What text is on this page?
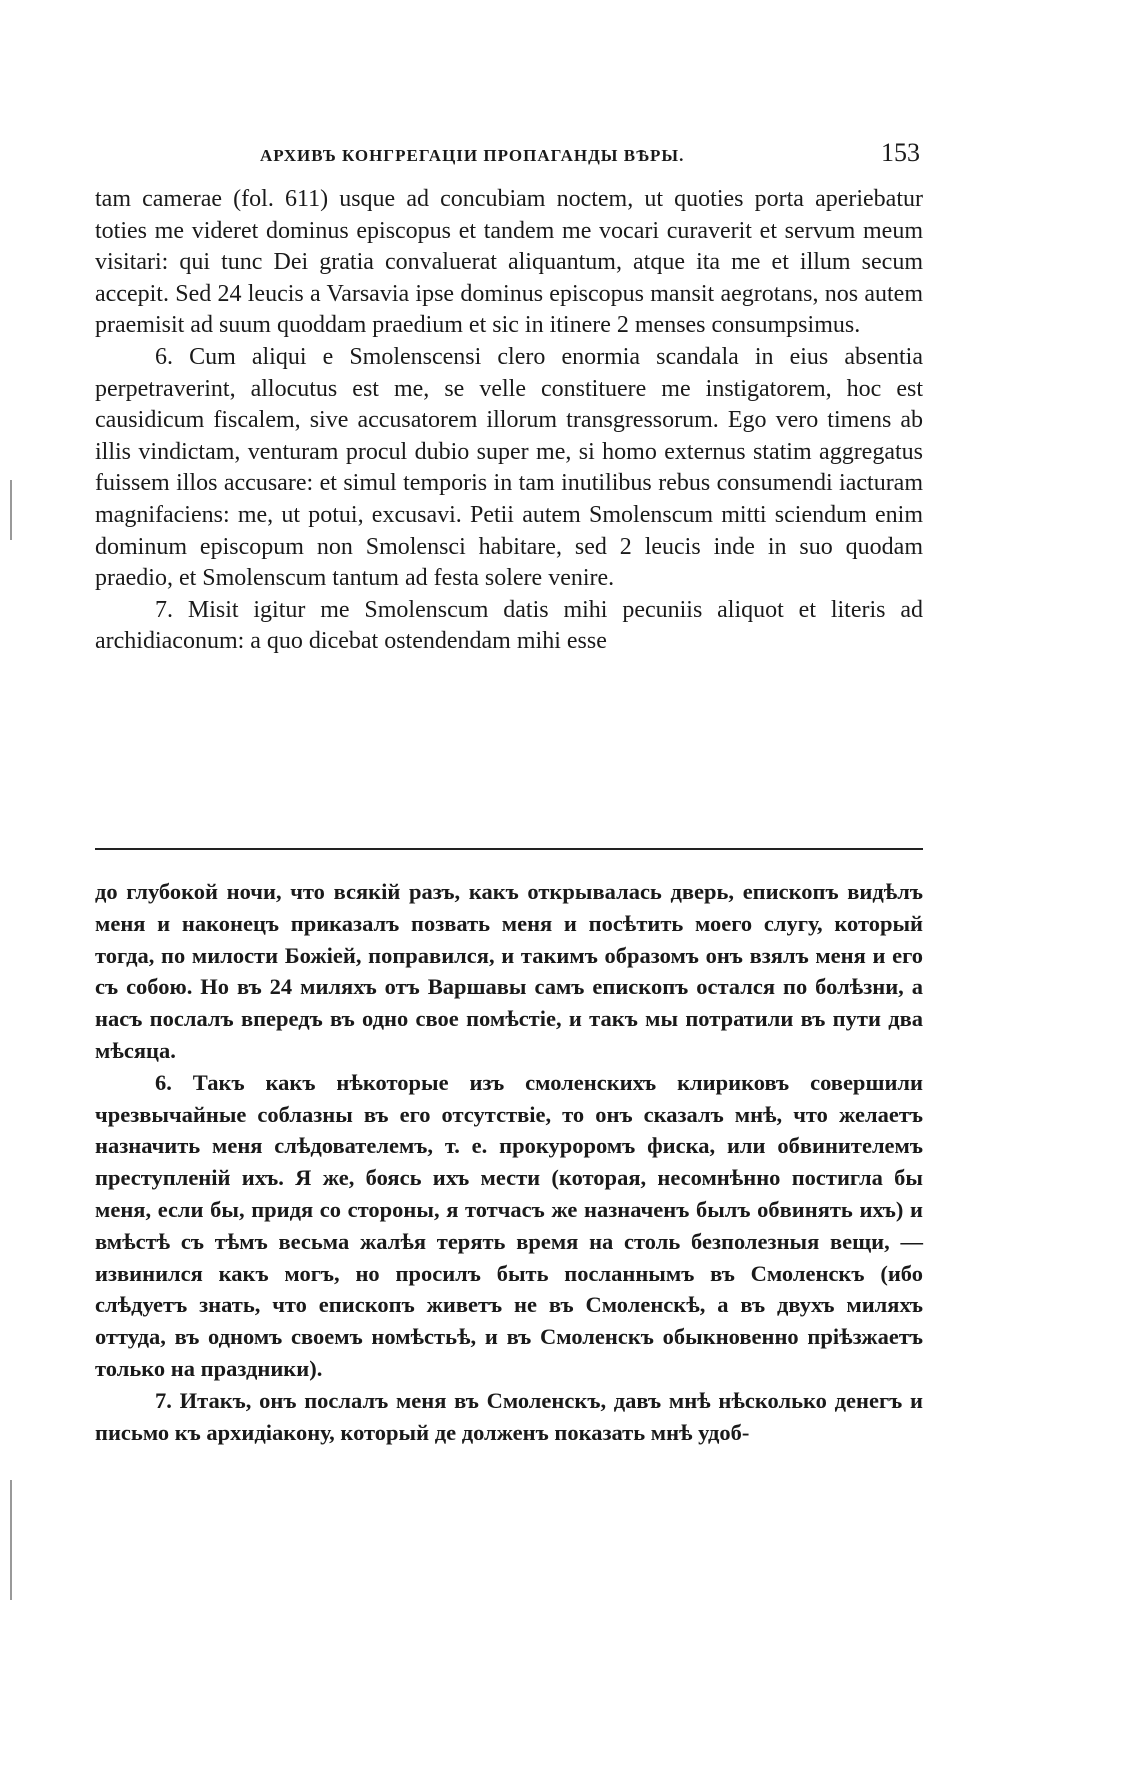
АРХИВЪ КОНГРЕГАЦІИ ПРОПАГАНДЫ ВѢРЫ.	153

tam camerae (fol. 611) usque ad concubiam noctem, ut quoties porta aperiebatur toties me videret dominus episcopus et tandem me vocari curaverit et servum meum visitari: qui tunc Dei gratia convaluerat aliquantum, atque ita me et illum secum accepit. Sed 24 leucis a Varsavia ipse dominus episcopus mansit aegrotans, nos autem praemisit ad suum quoddam praedium et sic in itinere 2 menses consumpsimus.

6. Cum aliqui e Smolenscensi clero enormia scandala in eius absentia perpetraverint, allocutus est me, se velle constituere me instigatorem, hoc est causidicum fiscalem, sive accusatorem illorum transgressorum. Ego vero timens ab illis vindictam, venturam procul dubio super me, si homo externus statim aggregatus fuissem illos accusare: et simul temporis in tam inutilibus rebus consumendi iacturam magnifaciens: me, ut potui, excusavi. Petii autem Smolenscum mitti sciendum enim dominum episcopum non Smolensci habitare, sed 2 leucis inde in suo quodam praedio, et Smolenscum tantum ad festa solere venire.

7. Misit igitur me Smolenscum datis mihi pecuniis aliquot et literis ad archidiaconum: a quo dicebat ostendendam mihi esse

до глубокой ночи, что всякій разъ, какъ открывалась дверь, епископъ видѣлъ меня и наконецъ приказалъ позвать меня и посѣтить моего слугу, который тогда, по милости Божіей, поправился, и такимъ образомъ онъ взялъ меня и его съ собою. Но въ 24 миляхъ отъ Варшавы самъ епископъ остался по болѣзни, а насъ послалъ впередъ въ одно свое помѣстіе, и такъ мы потратили въ пути два мѣсяца.

6. Такъ какъ нѣкоторые изъ смоленскихъ клириковъ совершили чрезвычайные соблазны въ его отсутствіе, то онъ сказалъ мнѣ, что желаетъ назначить меня слѣдователемъ, т. е. прокуроромъ фиска, или обвинителемъ преступленій ихъ. Я же, боясь ихъ мести (которая, несомнѣнно постигла бы меня, если бы, придя со стороны, я тотчасъ же назначенъ былъ обвинять ихъ) и вмѣстѣ съ тѣмъ весьма жалѣя терять время на столь безполезныя вещи, — извинился какъ могъ, но просилъ быть посланнымъ въ Смоленскъ (ибо слѣдуетъ знать, что епископъ живетъ не въ Смоленскѣ, а въ двухъ миляхъ оттуда, въ одномъ своемъ номѣстьѣ, и въ Смоленскъ обыкновенно пріѣзжаетъ только на праздники).

7. Итакъ, онъ послалъ меня въ Смоленскъ, давъ мнѣ нѣсколько денегъ и письмо къ архидіакону, который де долженъ показать мнѣ удоб-
